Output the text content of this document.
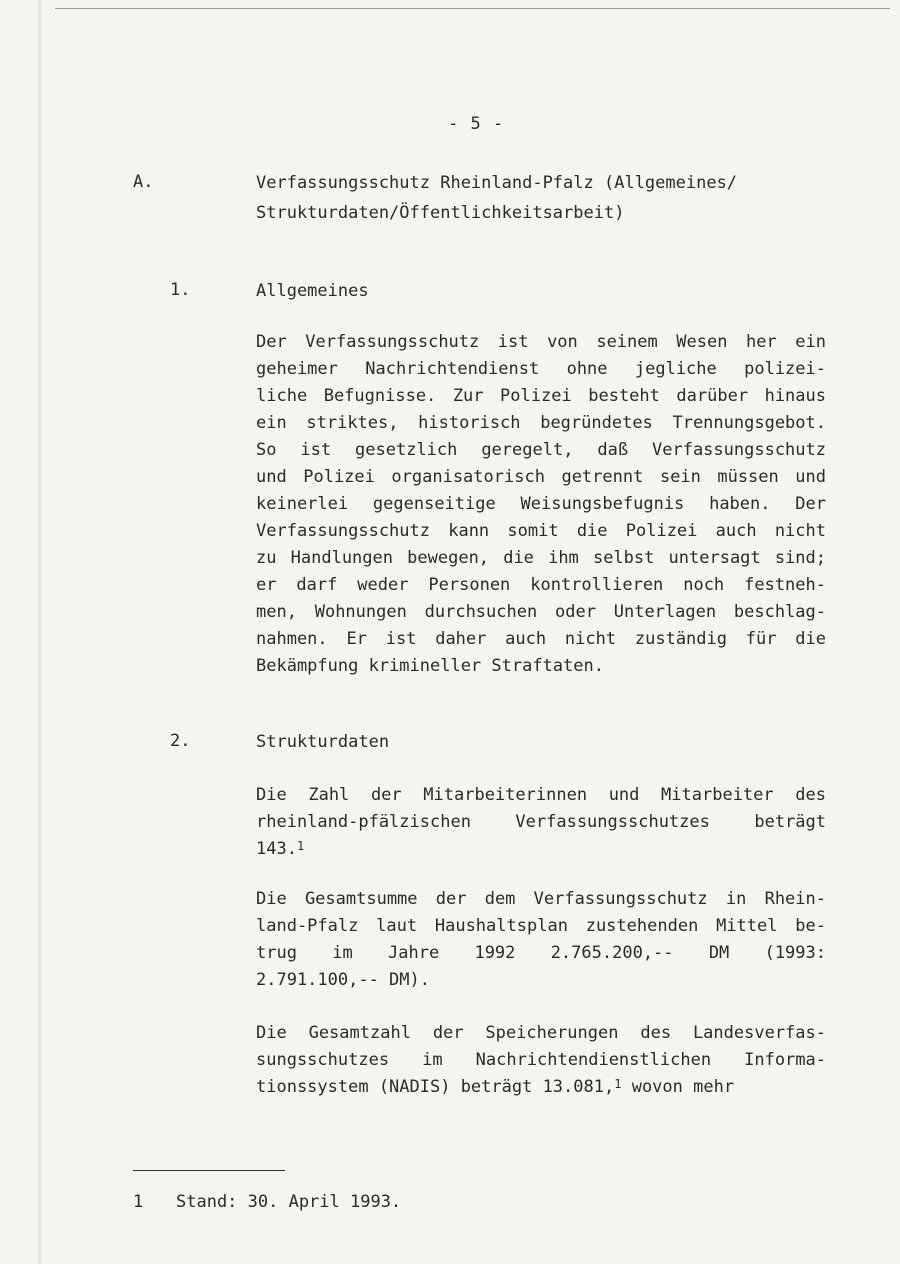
- 5 -
A.	Verfassungsschutz Rheinland-Pfalz (Allgemeines/
Strukturdaten/Öffentlichkeitsarbeit)
1.	Allgemeines
Der Verfassungsschutz ist von seinem Wesen her ein
geheimer Nachrichtendienst ohne jegliche polizei-
liche Befugnisse. Zur Polizei besteht darüber hinaus
ein striktes, historisch begründetes Trennungsgebot.
So ist gesetzlich geregelt, daß Verfassungsschutz
und Polizei organisatorisch getrennt sein müssen und
keinerlei gegenseitige Weisungsbefugnis haben. Der
Verfassungsschutz kann somit die Polizei auch nicht
zu Handlungen bewegen, die ihm selbst untersagt sind;
er darf weder Personen kontrollieren noch festneh-
men, Wohnungen durchsuchen oder Unterlagen beschlag-
nahmen. Er ist daher auch nicht zuständig für die
Bekämpfung krimineller Straftaten.
2.	Strukturdaten
Die Zahl der Mitarbeiterinnen und Mitarbeiter des
rheinland-pfälzischen Verfassungsschutzes beträgt
143.$^1$
Die Gesamtsumme der dem Verfassungsschutz in Rhein-
land-Pfalz laut Haushaltsplan zustehenden Mittel be-
trug im Jahre 1992 2.765.200,-- DM (1993:
2.791.100,-- DM).
Die Gesamtzahl der Speicherungen des Landesverfas-
sungsschutzes im Nachrichtendienstlichen Informa-
tionssystem (NADIS) beträgt 13.081,$^1$ wovon mehr
1 Stand: 30. April 1993.
